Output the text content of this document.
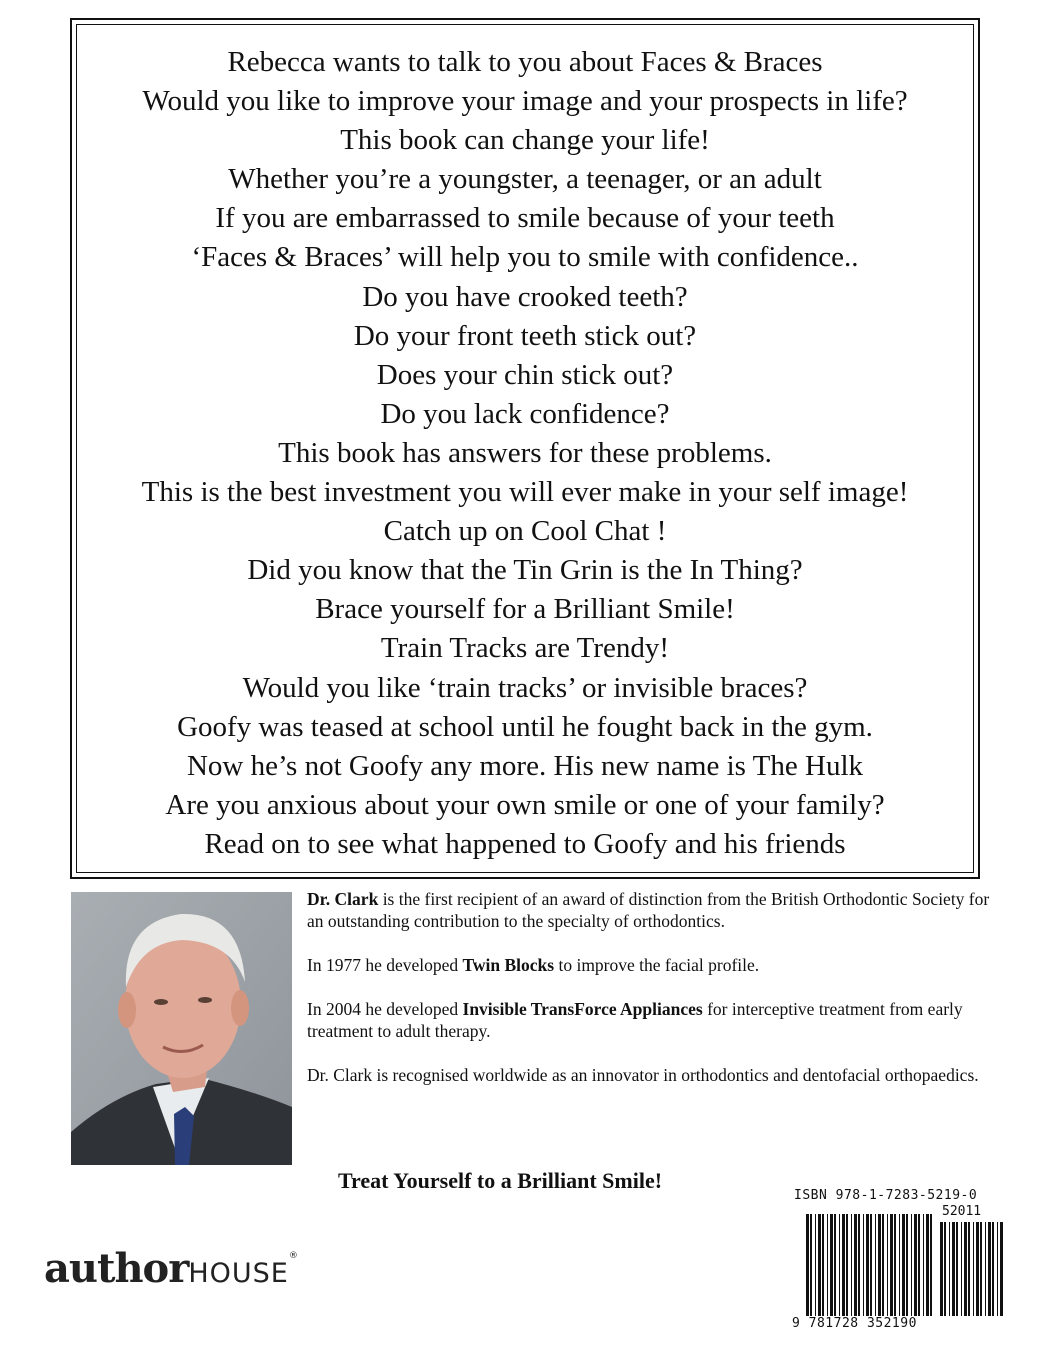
Rebecca wants to talk to you about Faces & Braces
Would you like to improve your image and your prospects in life?
This book can change your life!
Whether you’re a youngster, a teenager, or an adult
If you are embarrassed to smile because of your teeth
‘Faces & Braces’ will help you to smile with confidence..
Do you have crooked teeth?
Do your front teeth stick out?
Does your chin stick out?
Do you lack confidence?
This book has answers for these problems.
This is the best investment you will ever make in your self image!
Catch up on Cool Chat !
Did you know that the Tin Grin is the In Thing?
Brace yourself for a Brilliant Smile!
Train Tracks are Trendy!
Would you like ‘train tracks’ or invisible braces?
Goofy was teased at school until he fought back in the gym.
Now he’s not Goofy any more. His new name is The Hulk
Are you anxious about your own smile or one of your family?
Read on to see what happened to Goofy and his friends

Dr. Clark is the first recipient of an award of distinction from the British Orthodontic Society for an outstanding contribution to the specialty of orthodontics.

In 1977 he developed Twin Blocks to improve the facial profile.

In 2004 he developed Invisible TransForce Appliances for interceptive treatment from early treatment to adult therapy.

Dr. Clark is recognised worldwide as an innovator in orthodontics and dentofacial orthopaedics.

Treat Yourself to a Brilliant Smile!
authorHOUSE®
ISBN 978-1-7283-5219-0
52011
9 781728 352190
